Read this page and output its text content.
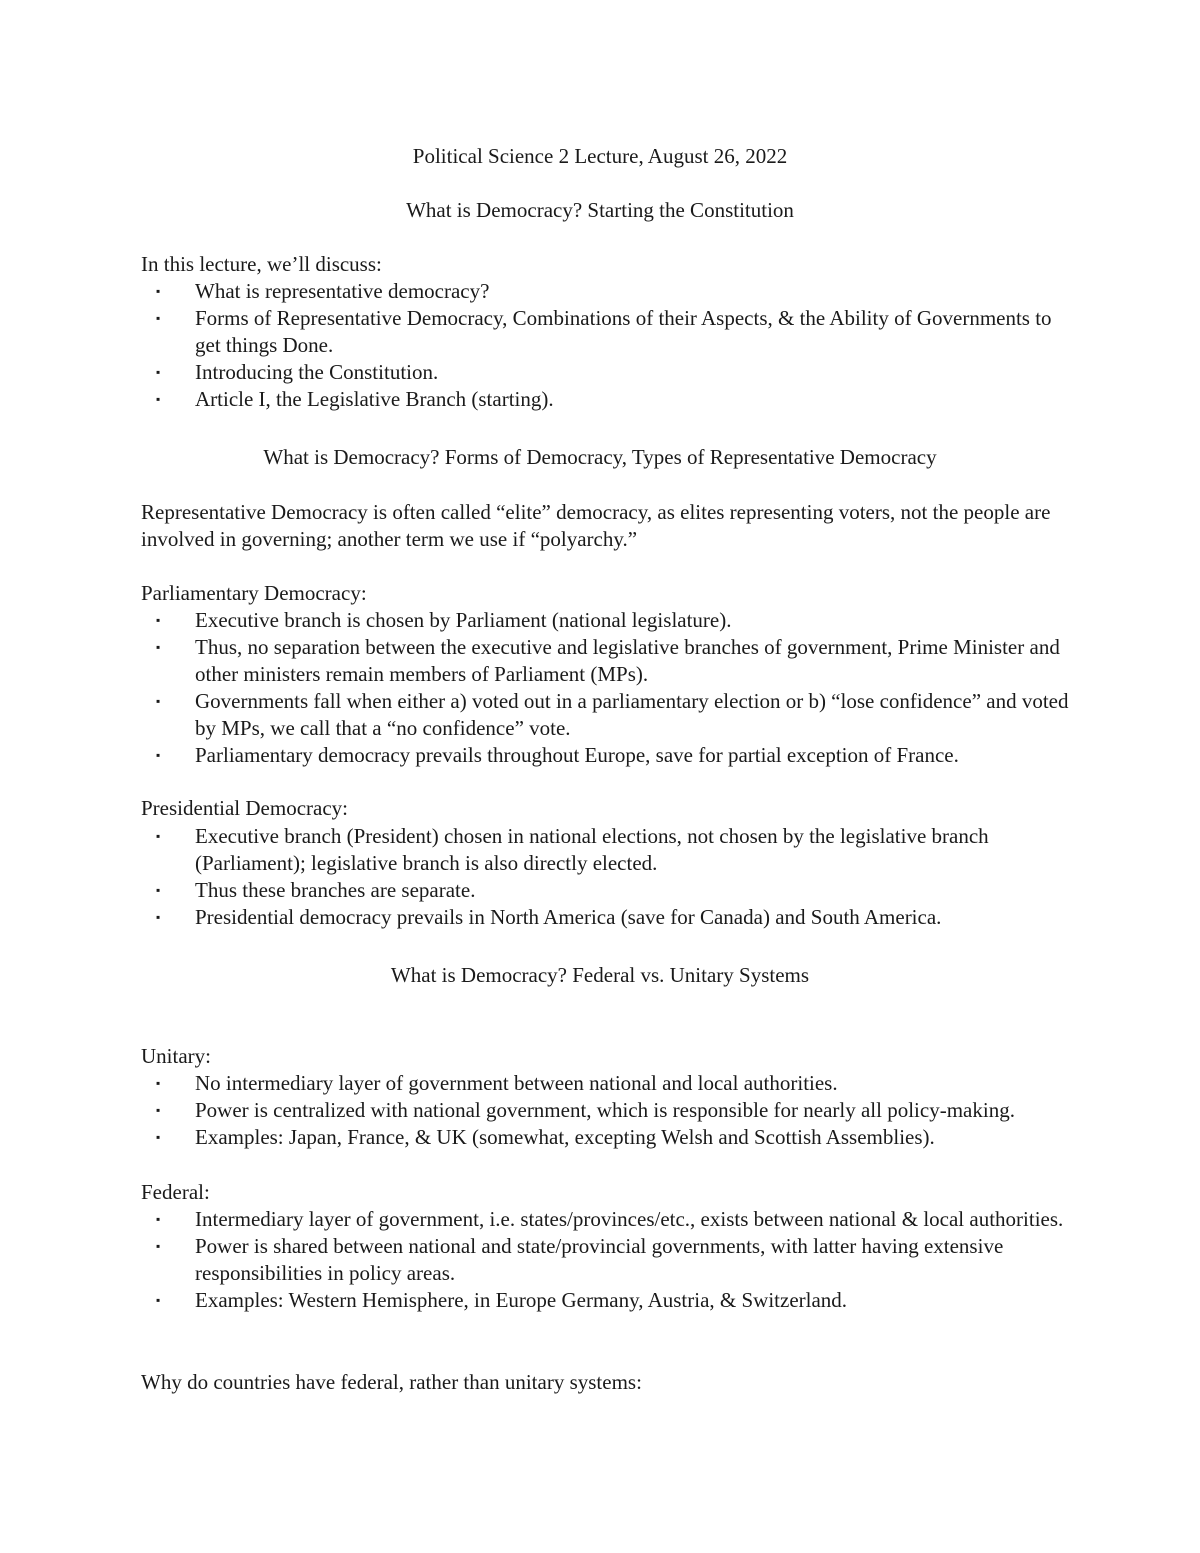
Political Science 2 Lecture, August 26, 2022
What is Democracy? Starting the Constitution

In this lecture, we’ll discuss:

▪ What is representative democracy?
▪ Forms of Representative Democracy, Combinations of their Aspects, & the Ability of Governments to get things Done.
▪ Introducing the Constitution.
▪ Article I, the Legislative Branch (starting).
What is Democracy? Forms of Democracy, Types of Representative Democracy

Representative Democracy is often called “elite” democracy, as elites representing voters, not the people are involved in governing; another term we use if “polyarchy.”

Parliamentary Democracy:

▪ Executive branch is chosen by Parliament (national legislature).
▪ Thus, no separation between the executive and legislative branches of government, Prime Minister and other ministers remain members of Parliament (MPs).
▪ Governments fall when either a) voted out in a parliamentary election or b) “lose confidence” and voted by MPs, we call that a “no confidence” vote.
▪ Parliamentary democracy prevails throughout Europe, save for partial exception of France.

Presidential Democracy:

▪ Executive branch (President) chosen in national elections, not chosen by the legislative branch (Parliament); legislative branch is also directly elected.
▪ Thus these branches are separate.
▪ Presidential democracy prevails in North America (save for Canada) and South America.
What is Democracy? Federal vs. Unitary Systems

Unitary:

▪ No intermediary layer of government between national and local authorities.
▪ Power is centralized with national government, which is responsible for nearly all policy-making.
▪ Examples: Japan, France, & UK (somewhat, excepting Welsh and Scottish Assemblies).

Federal:

▪ Intermediary layer of government, i.e. states/provinces/etc., exists between national & local authorities.
▪ Power is shared between national and state/provincial governments, with latter having extensive responsibilities in policy areas.
▪ Examples: Western Hemisphere, in Europe Germany, Austria, & Switzerland.

Why do countries have federal, rather than unitary systems:
